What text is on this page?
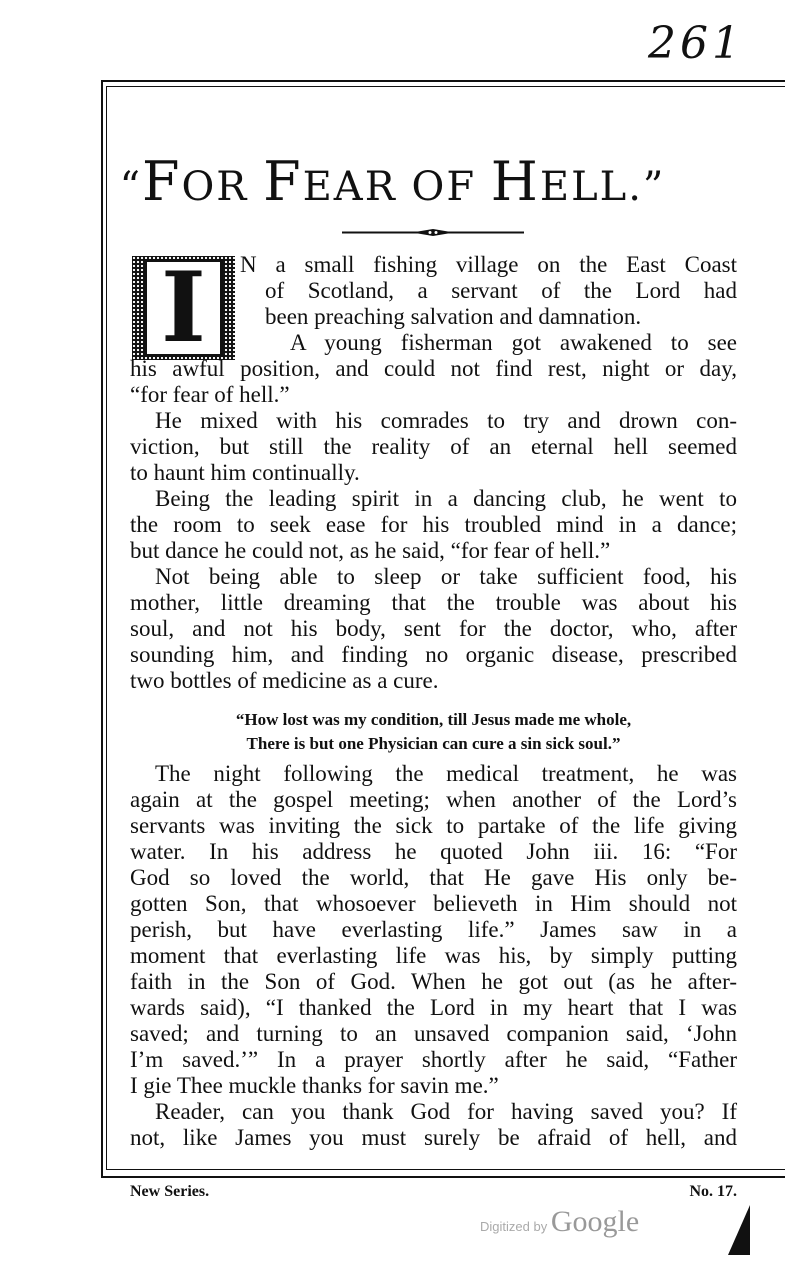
261
“FOR FEAR OF HELL.”
I	N a small fishing village on the East Coast
of Scotland, a servant of the Lord had
been preaching salvation and damnation.
A young fisherman got awakened to see
his awful position, and could not find rest, night or day,
“for fear of hell.”
He mixed with his comrades to try and drown con-
viction, but still the reality of an eternal hell seemed
to haunt him continually.
Being the leading spirit in a dancing club, he went to
the room to seek ease for his troubled mind in a dance;
but dance he could not, as he said, “for fear of hell.”
Not being able to sleep or take sufficient food, his
mother, little dreaming that the trouble was about his
soul, and not his body, sent for the doctor, who, after
sounding him, and finding no organic disease, prescribed
two bottles of medicine as a cure.
The night following the medical treatment, he was
again at the gospel meeting; when another of the Lord’s
servants was inviting the sick to partake of the life giving
water. In his address he quoted John iii. 16: “For
God so loved the world, that He gave His only be-
gotten Son, that whosoever believeth in Him should not
perish, but have everlasting life.” James saw in a
moment that everlasting life was his, by simply putting
faith in the Son of God. When he got out (as he after-
wards said), “I thanked the Lord in my heart that I was
saved; and turning to an unsaved companion said, ‘John
I’m saved.’” In a prayer shortly after he said, “Father
I gie Thee muckle thanks for savin me.”
Reader, can you thank God for having saved you? If
not, like James you must surely be afraid of hell, and
“How lost was my condition, till Jesus made me whole,
There is but one Physician can cure a sin sick soul.”
New Series.	No. 17.
Digitized by Google
